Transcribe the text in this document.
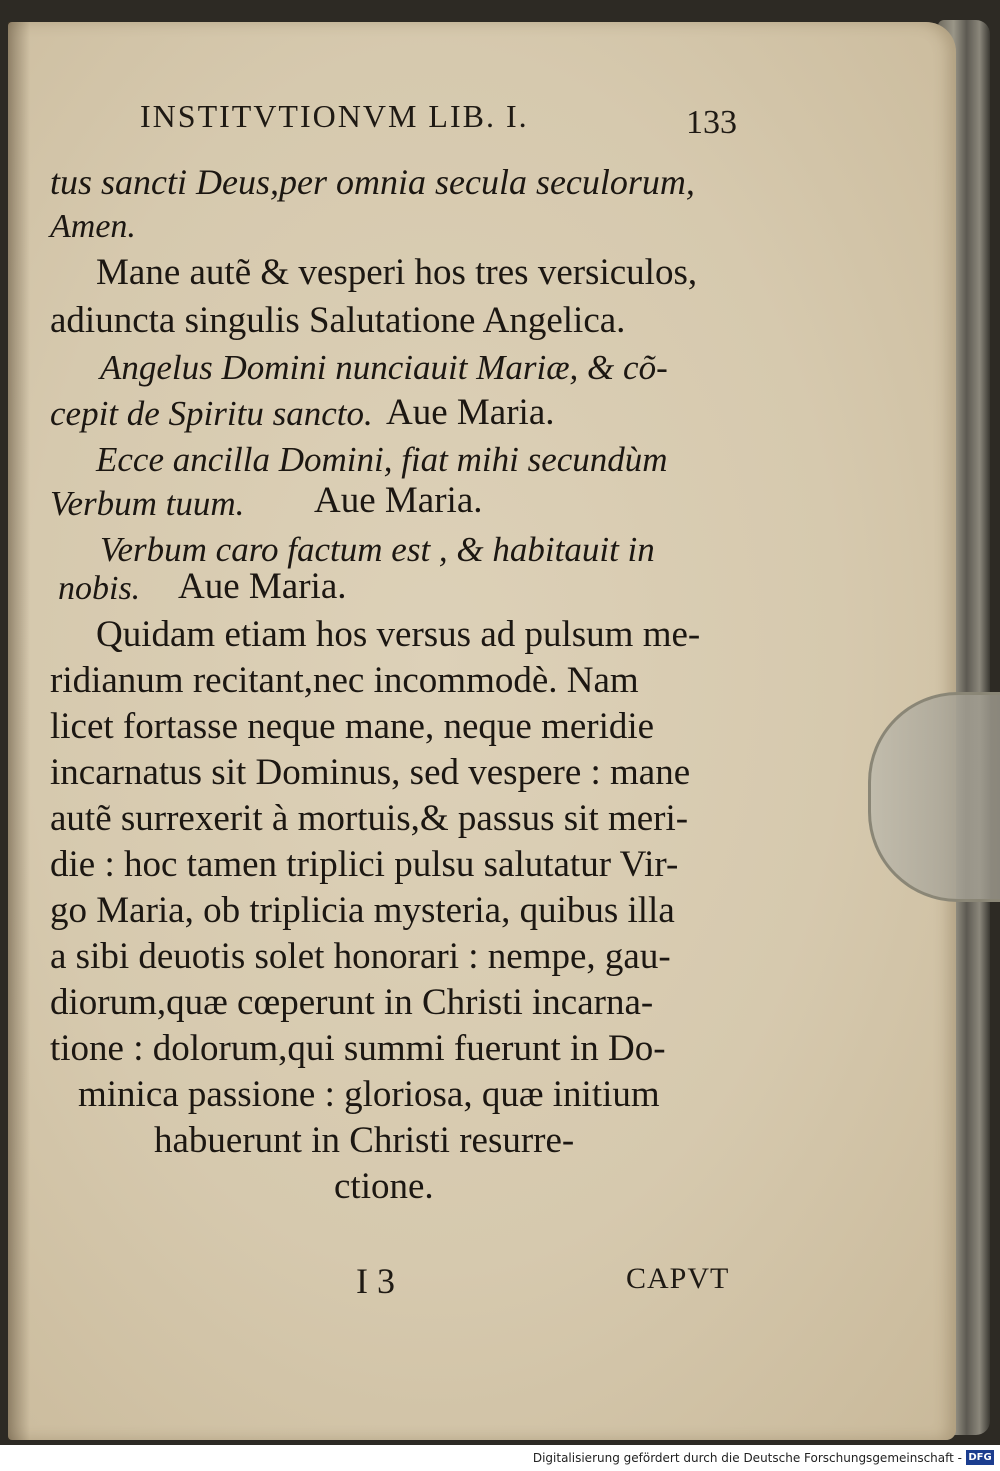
INSTITVTIONVM LIB. I.	133
tus sancti Deus,per omnia secula seculorum,
Amen.
Mane autẽ & vesperi hos tres versiculos,
adiuncta singulis Salutatione Angelica.
Angelus Domini nunciauit Mariæ, & cõ-
cepit de Spiritu sancto. Aue Maria.
Ecce ancilla Domini, fiat mihi secundùm
Verbum tuum. Aue Maria.
Verbum caro factum est , & habitauit in
nobis. Aue Maria.
Quidam etiam hos versus ad pulsum me-
ridianum recitant,nec incommodè. Nam
licet fortasse neque mane, neque meridie
incarnatus sit Dominus, sed vespere : mane
autẽ surrexerit à mortuis,& passus sit meri-
die : hoc tamen triplici pulsu salutatur Vir-
go Maria, ob triplicia mysteria, quibus illa
a sibi deuotis solet honorari : nempe, gau-
diorum,quæ cœperunt in Christi incarna-
tione : dolorum,qui summi fuerunt in Do-
minica passione : gloriosa, quæ initium
habuerunt in Christi resurre-
ctione.
I 3	CAPVT
Digitalisierung gefördert durch die Deutsche Forschungsgemeinschaft - DFG
